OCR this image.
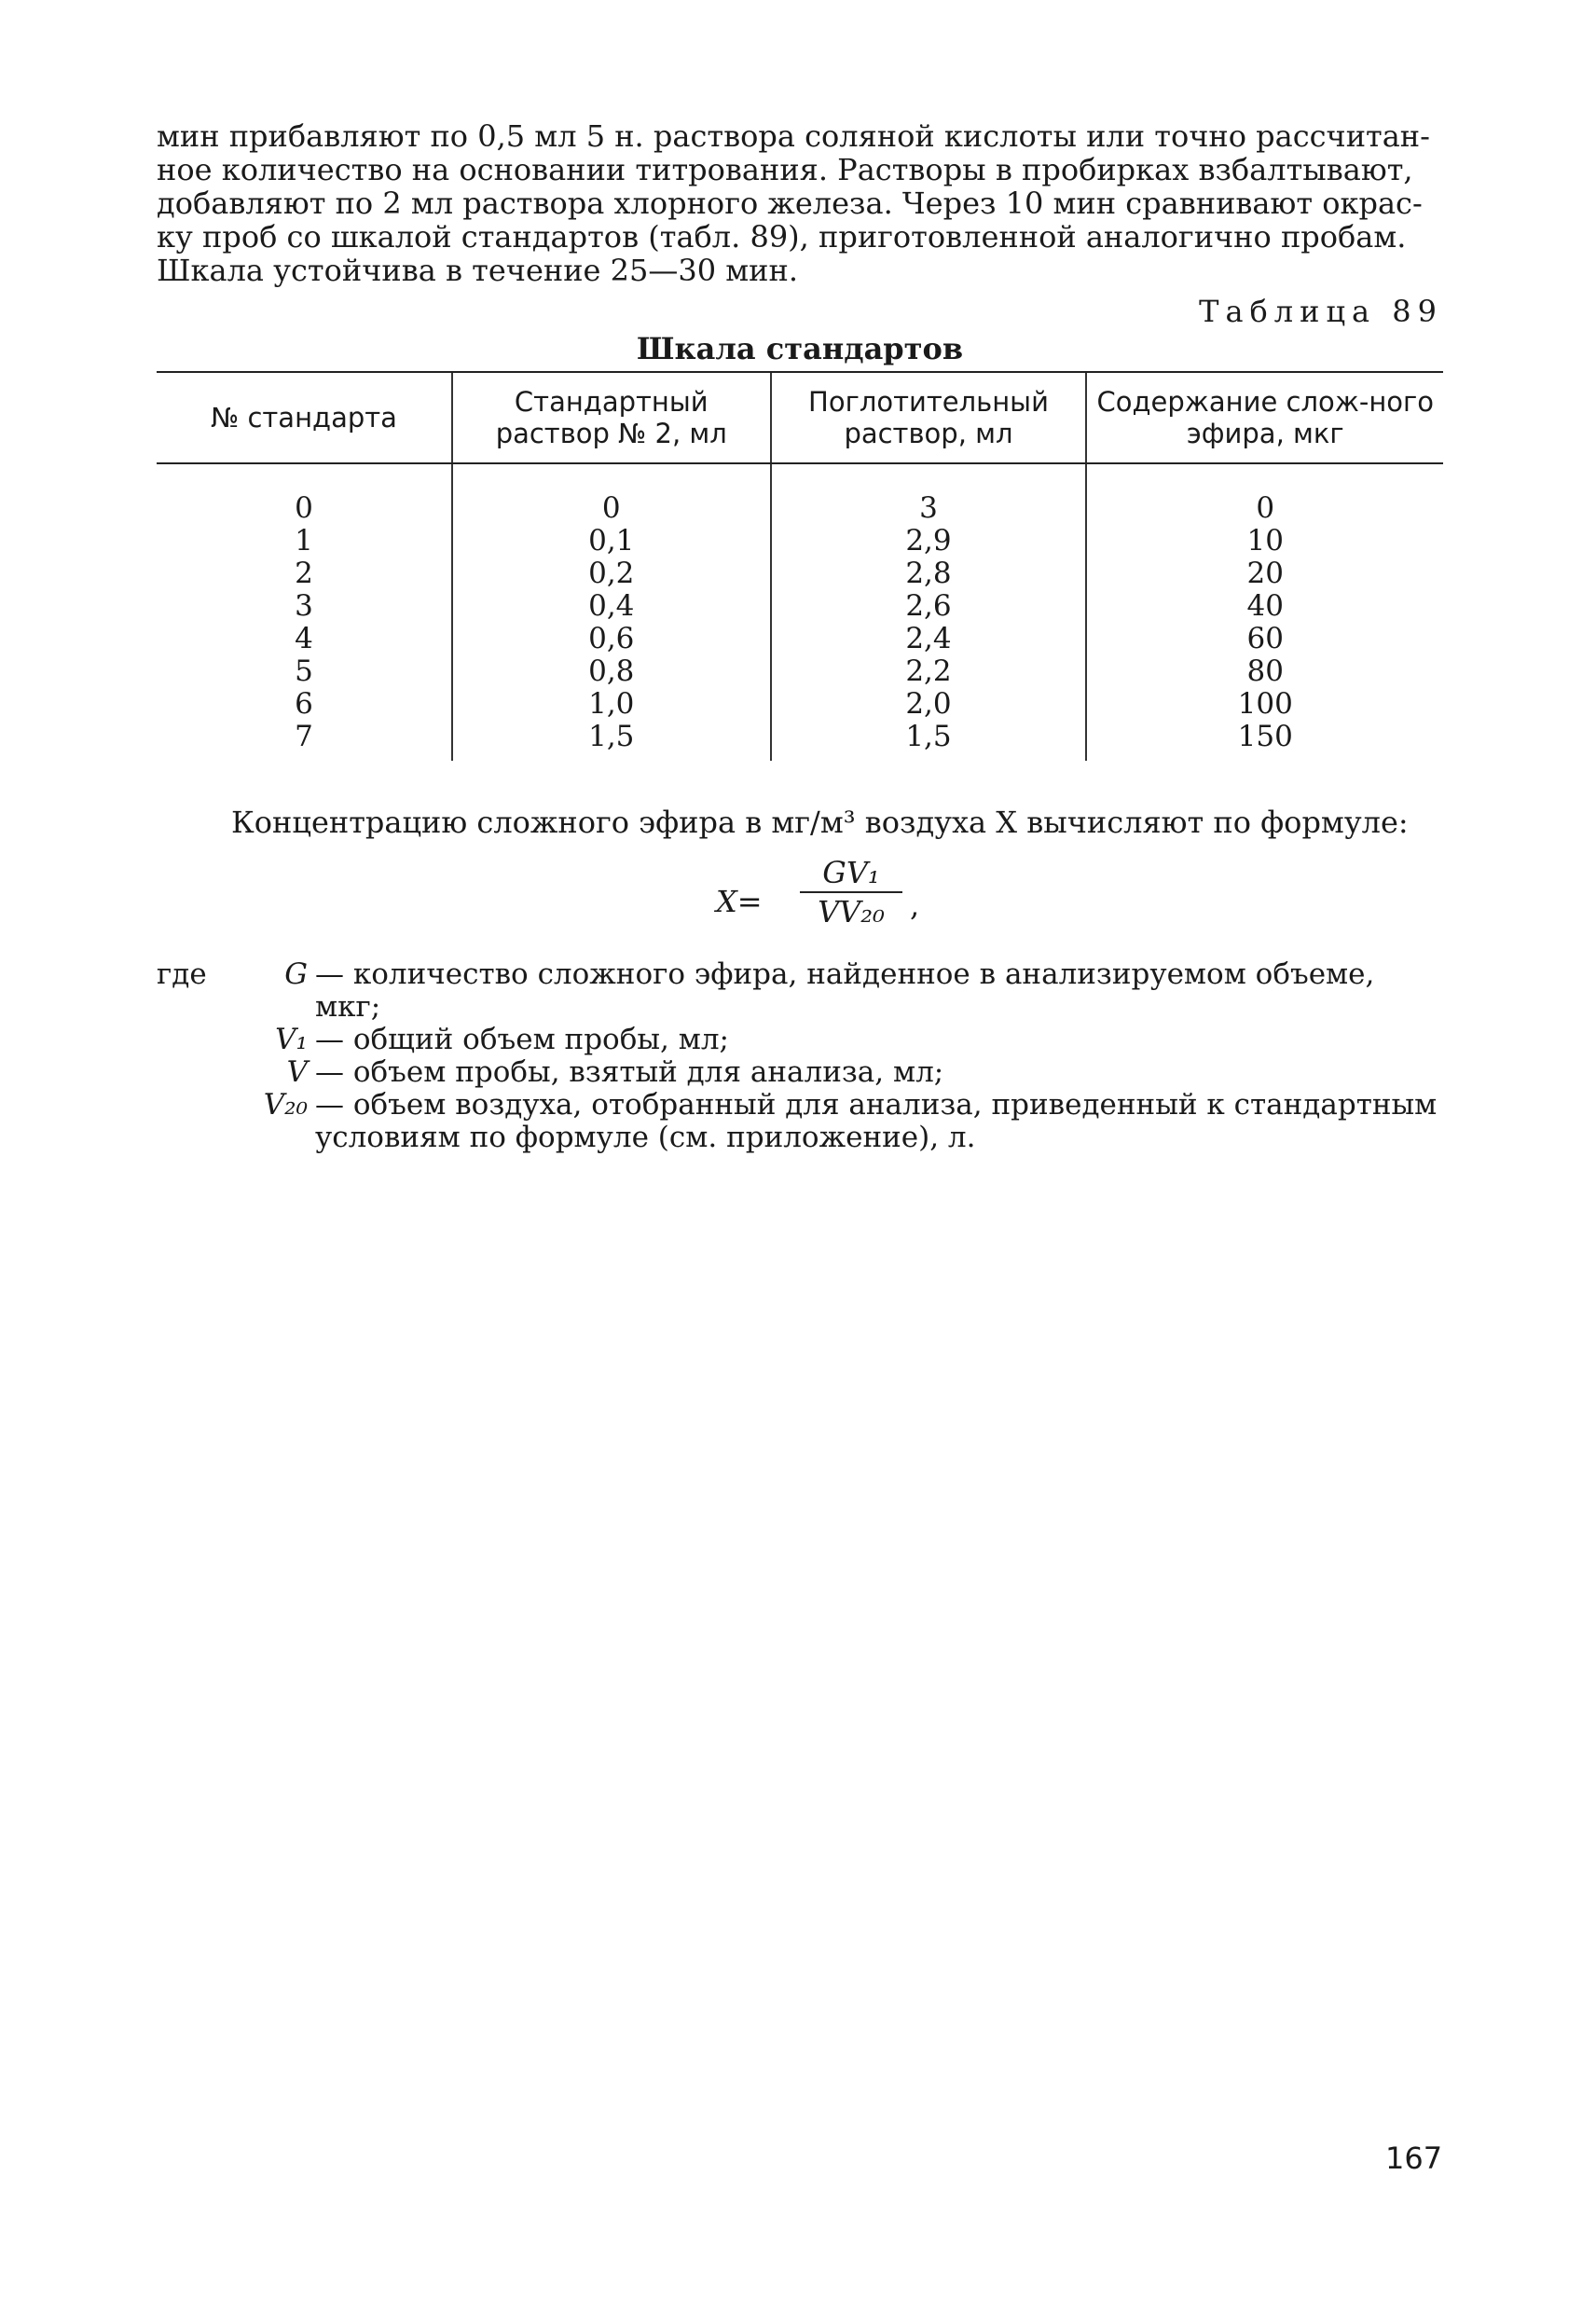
мин прибавляют по 0,5 мл 5 н. раствора соляной кислоты или точно рассчитан-
ное количество на основании титрования. Растворы в пробирках взбалтывают,
добавляют по 2 мл раствора хлорного железа. Через 10 мин сравнивают окрас-
ку проб со шкалой стандартов (табл. 89), приготовленной аналогично пробам.
Шкала устойчива в течение 25—30 мин.

Таблица 89
Шкала стандартов
№ стандарта	Стандартный раствор № 2, мл	Поглотительный раствор, мл	Содержание слож-ного эфира, мкг
0	0	3	0
1	0,1	2,9	10
2	0,2	2,8	20
3	0,4	2,6	40
4	0,6	2,4	60
5	0,8	2,2	80
6	1,0	2,0	100
7	1,5	1,5	150
Концентрацию сложного эфира в мг/м³ воздуха X вычисляют по формуле:
$X= \frac{\text{GV₁}}{\text{VV₂₀}}$ ,
где	G — количество сложного эфира, найденное в анализируемом объеме, мкг;
V₁ — общий объем пробы, мл;
V — объем пробы, взятый для анализа, мл;
V₂₀ — объем воздуха, отобранный для анализа, приведенный к стандартным условиям по формуле (см. приложение), л.
167
